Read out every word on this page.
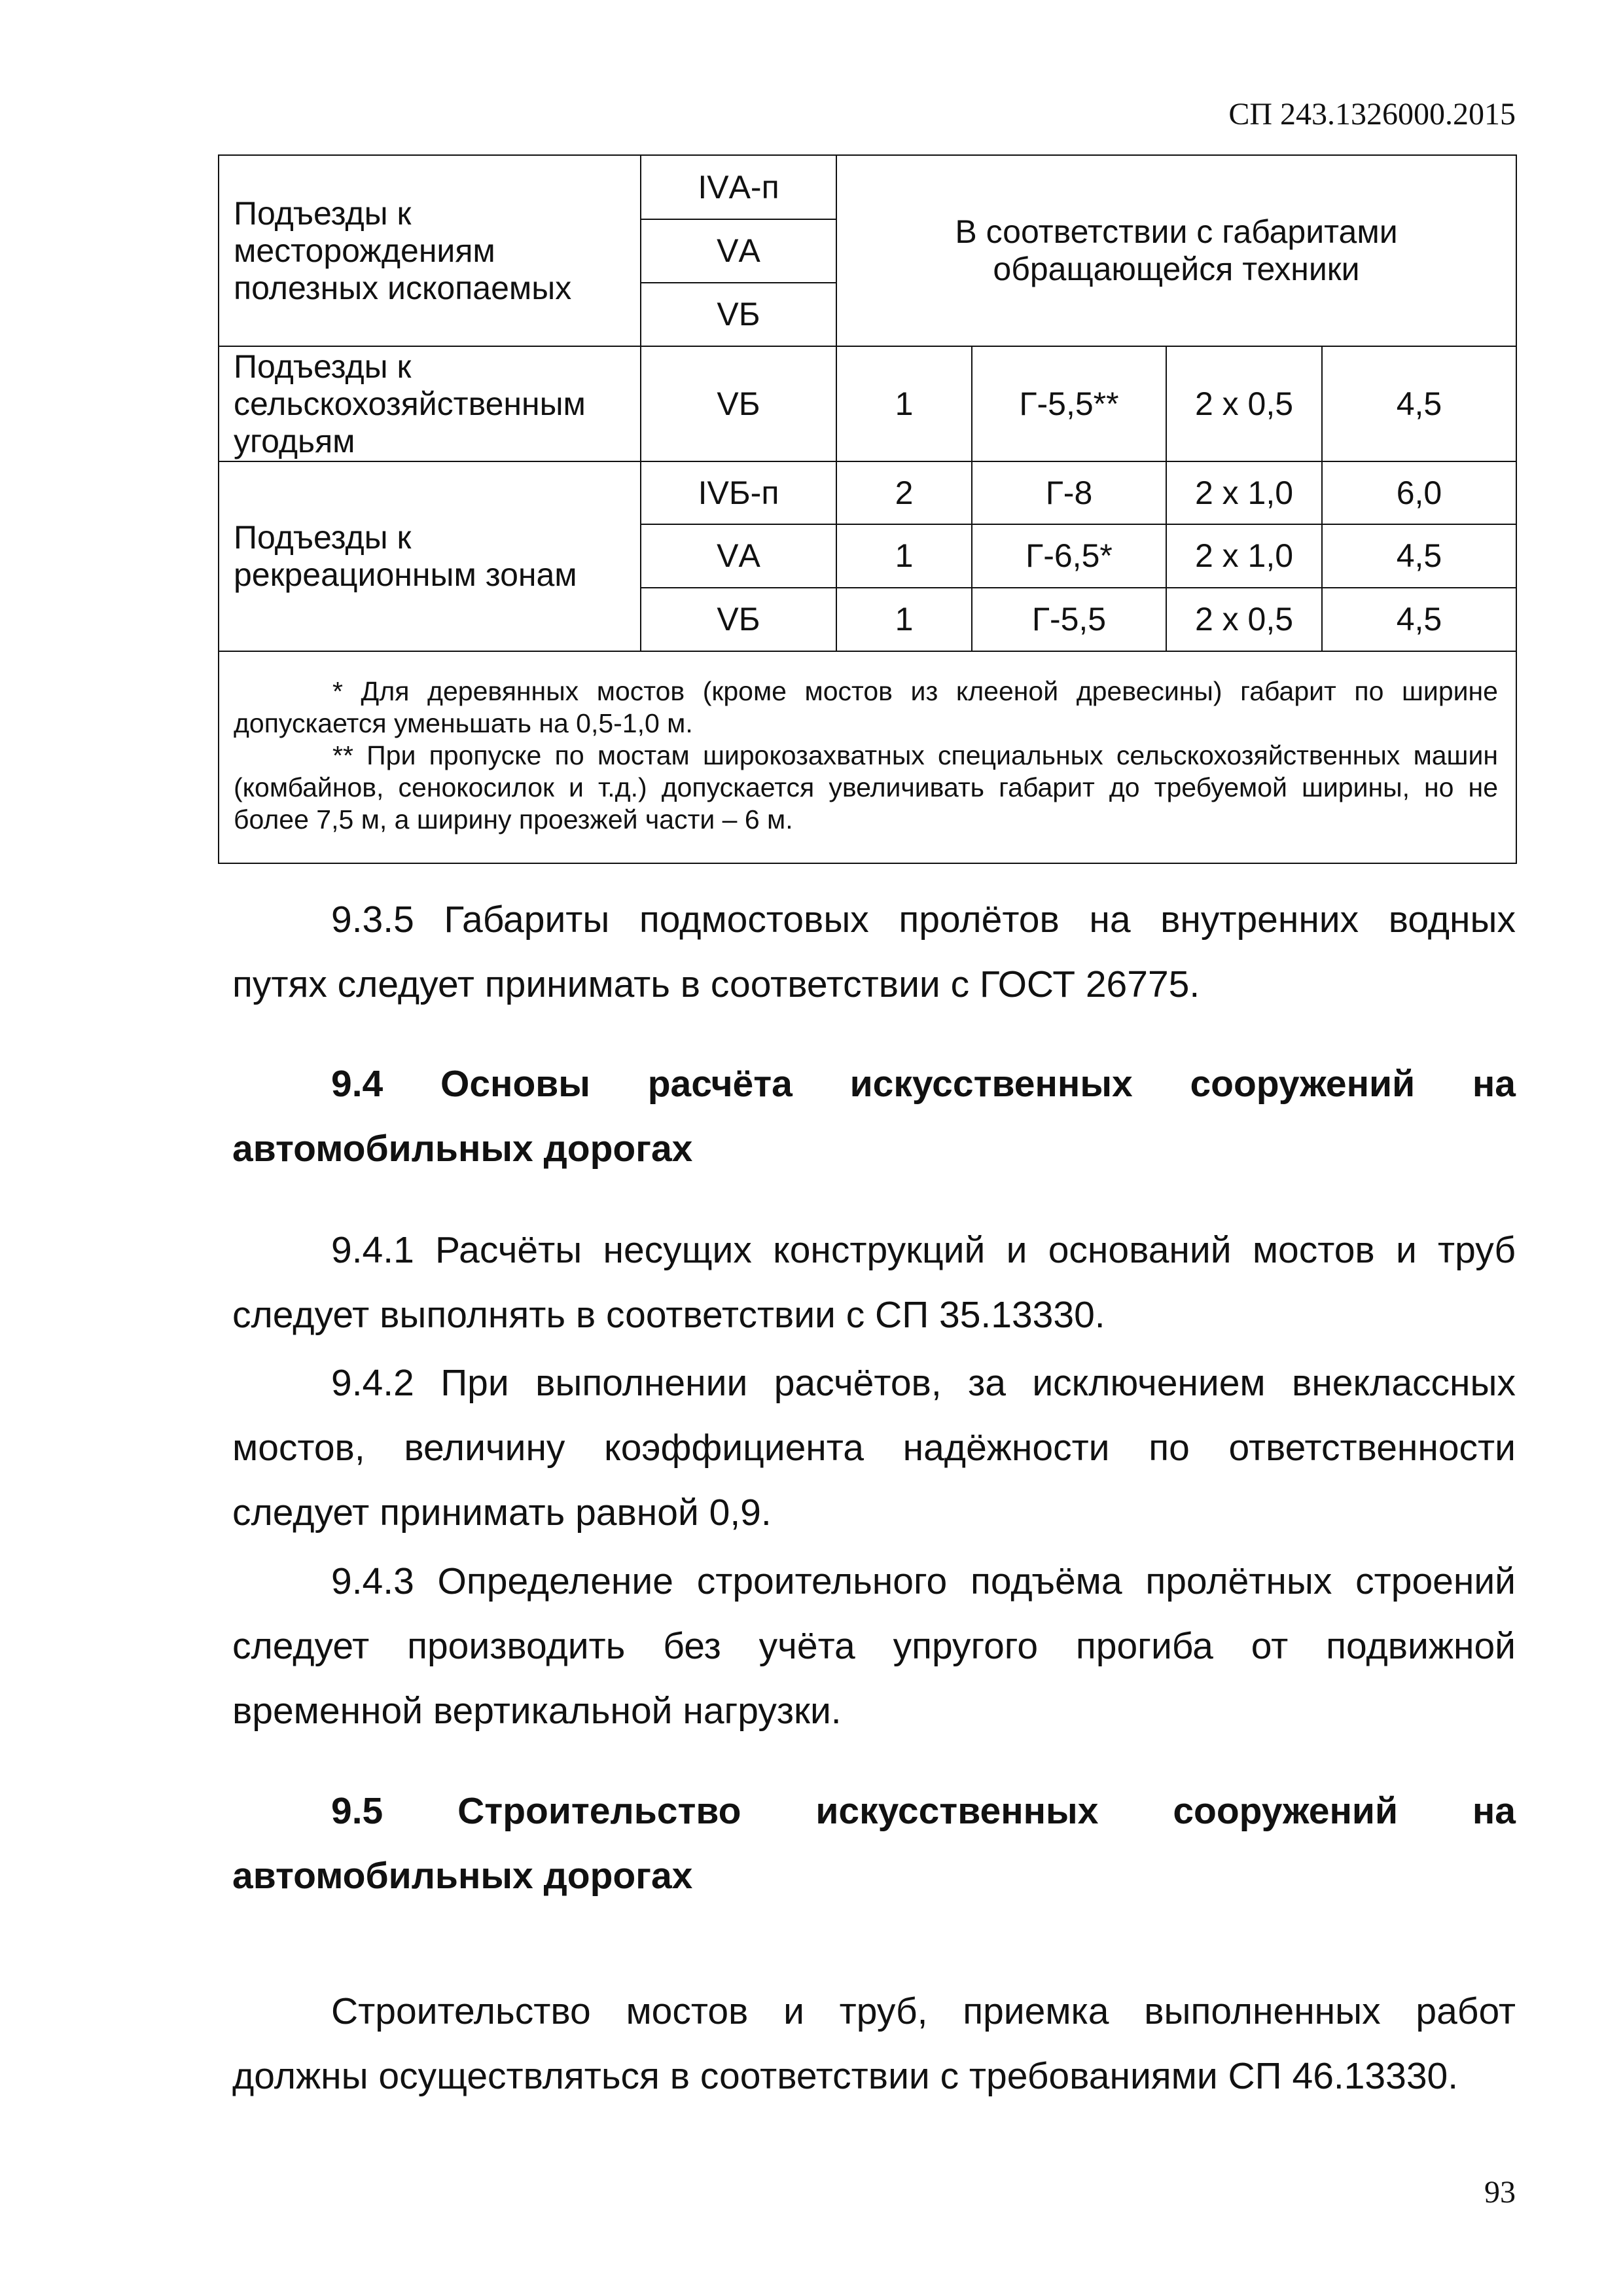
СП 243.1326000.2015
Подъезды к
месторождениям
полезных ископаемых	IVА-п	В соответствии с габаритами
обращающейся техники			

	VА				
	VБ				

Подъезды к
сельскохозяйственным
угодьям	VБ	1	Г-5,5**	2 х 0,5	4,5

Подъезды к
рекреационным зонам	IVБ-п	2	Г-8	2 х 1,0	6,0
	VА	1	Г-6,5*	2 х 1,0	4,5
	VБ	1	Г-5,5	2 х 0,5	4,5

* Для деревянных мостов (кроме мостов из клееной древесины) габарит по ширине
допускается уменьшать на 0,5-1,0 м.
** При пропуске по мостам широкозахватных специальных сельскохозяйственных машин
(комбайнов, сенокосилок и т.д.) допускается увеличивать габарит до требуемой ширины, но не
более 7,5 м, а ширину проезжей части – 6 м.					
9.3.5 Габариты подмостовых пролётов на внутренних водных
путях следует принимать в соответствии с ГОСТ 26775.
9.4 Основы расчёта искусственных сооружений на
автомобильных дорогах
9.4.1 Расчёты несущих конструкций и оснований мостов и труб
следует выполнять в соответствии с СП 35.13330.
9.4.2 При выполнении расчётов, за исключением внеклассных
мостов, величину коэффициента надёжности по ответственности
следует принимать равной 0,9.
9.4.3 Определение строительного подъёма пролётных строений
следует производить без учёта упругого прогиба от подвижной
временной вертикальной нагрузки.
9.5 Строительство искусственных сооружений на
автомобильных дорогах
Строительство мостов и труб, приемка выполненных работ
должны осуществляться в соответствии с требованиями СП 46.13330.
93
